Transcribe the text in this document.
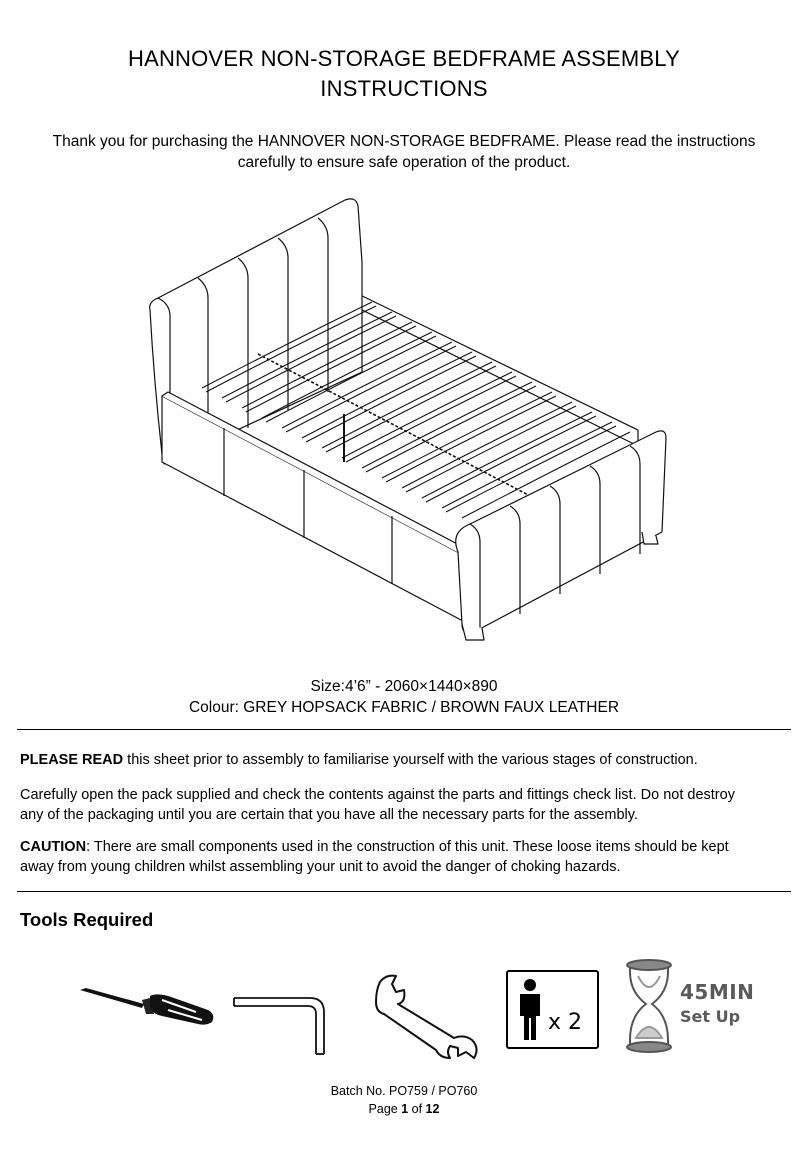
HANNOVER NON-STORAGE BEDFRAME ASSEMBLY
INSTRUCTIONS
Thank you for purchasing the HANNOVER NON-STORAGE BEDFRAME. Please read the instructions
carefully to ensure safe operation of the product.
Size:4’6” - 2060×1440×890
Colour: GREY HOPSACK FABRIC / BROWN FAUX LEATHER
PLEASE READ this sheet prior to assembly to familiarise yourself with the various stages of construction.
Carefully open the pack supplied and check the contents against the parts and fittings check list. Do not destroy
any of the packaging until you are certain that you have all the necessary parts for the assembly.
CAUTION: There are small components used in the construction of this unit. These loose items should be kept
away from young children whilst assembling your unit to avoid the danger of choking hazards.
Tools Required
x 2
45MIN
Set Up
Batch No. PO759 / PO760
Page 1 of 12
